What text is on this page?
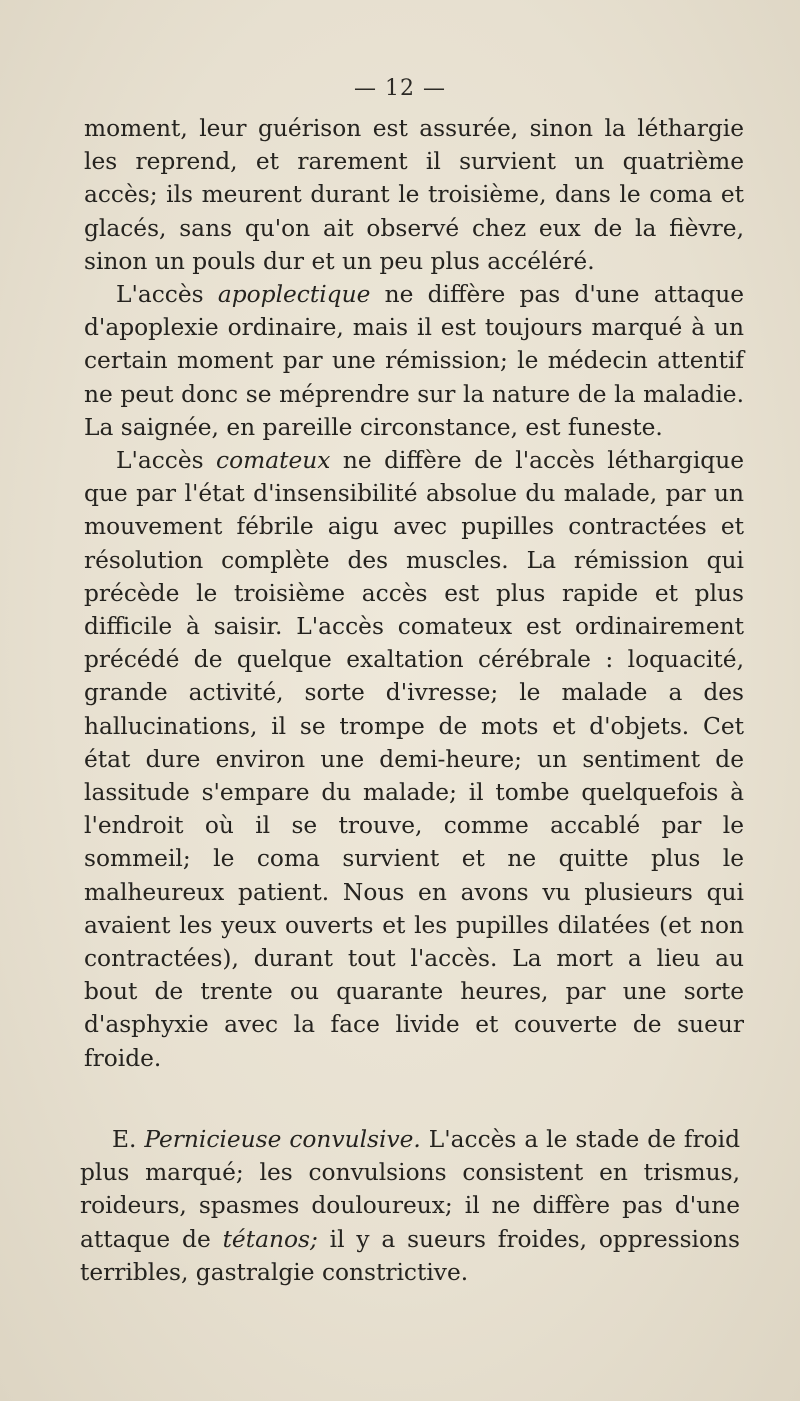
— 12 —

moment, leur guérison est assurée, sinon la léthargie les reprend, et rarement il survient un quatrième accès; ils meurent durant le troisième, dans le coma et glacés, sans qu'on ait observé chez eux de la fièvre, sinon un pouls dur et un peu plus accéléré.

L'accès apoplectique ne diffère pas d'une attaque d'apoplexie ordinaire, mais il est toujours marqué à un certain moment par une rémission; le médecin attentif ne peut donc se méprendre sur la nature de la maladie. La saignée, en pareille circonstance, est funeste.

L'accès comateux ne diffère de l'accès léthargique que par l'état d'insensibilité absolue du malade, par un mouvement fébrile aigu avec pupilles contractées et résolution complète des muscles. La rémission qui précède le troisième accès est plus rapide et plus difficile à saisir. L'accès comateux est ordinairement précédé de quelque exaltation cérébrale : loquacité, grande activité, sorte d'ivresse; le malade a des hallucinations, il se trompe de mots et d'objets. Cet état dure environ une demi-heure; un sentiment de lassitude s'empare du malade; il tombe quelquefois à l'endroit où il se trouve, comme accablé par le sommeil; le coma survient et ne quitte plus le malheureux patient. Nous en avons vu plusieurs qui avaient les yeux ouverts et les pupilles dilatées (et non contractées), durant tout l'accès. La mort a lieu au bout de trente ou quarante heures, par une sorte d'asphyxie avec la face livide et couverte de sueur froide.

E. Pernicieuse convulsive. L'accès a le stade de froid plus marqué; les convulsions consistent en trismus, roideurs, spasmes douloureux; il ne diffère pas d'une attaque de tétanos; il y a sueurs froides, oppressions terribles, gastralgie constrictive.
